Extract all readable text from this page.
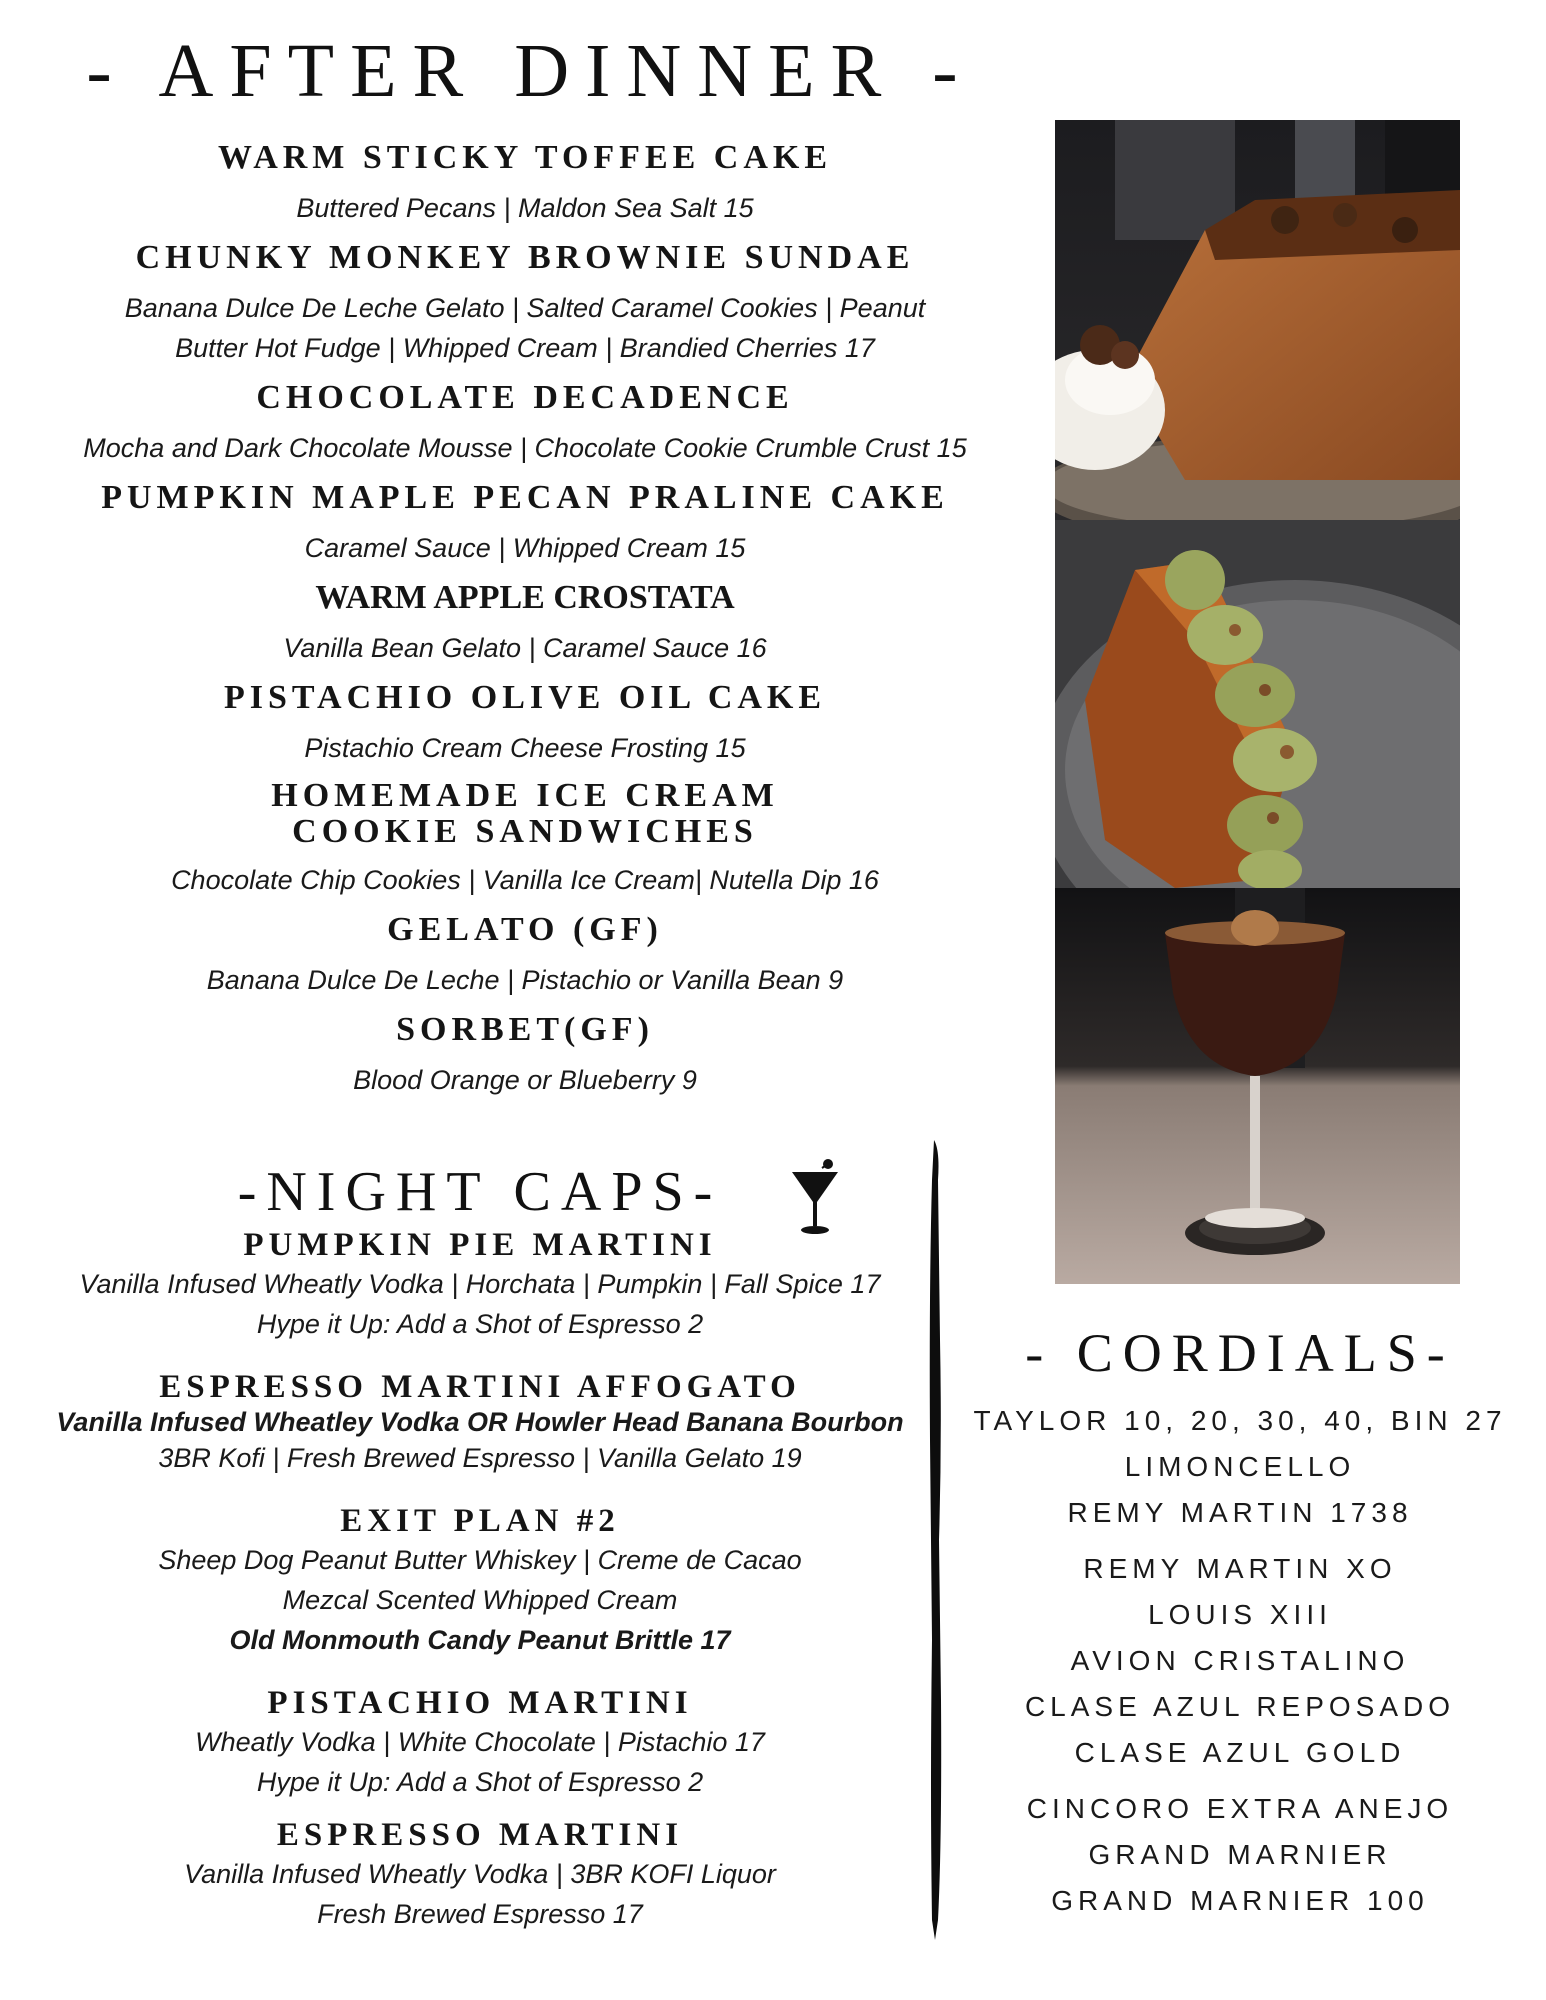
- AFTER DINNER -
WARM STICKY TOFFEE CAKE
Buttered Pecans | Maldon Sea Salt 15
CHUNKY MONKEY BROWNIE SUNDAE
Banana Dulce De Leche Gelato | Salted Caramel Cookies | Peanut
Butter Hot Fudge | Whipped Cream | Brandied Cherries 17
CHOCOLATE DECADENCE
Mocha and Dark Chocolate Mousse | Chocolate Cookie Crumble Crust 15
PUMPKIN MAPLE PECAN PRALINE CAKE
Caramel Sauce | Whipped Cream 15
WARM APPLE CROSTATA
Vanilla Bean Gelato | Caramel Sauce 16
PISTACHIO OLIVE OIL CAKE
Pistachio Cream Cheese Frosting 15
HOMEMADE ICE CREAM
COOKIE SANDWICHES
Chocolate Chip Cookies | Vanilla Ice Cream| Nutella Dip 16
GELATO (GF)
Banana Dulce De Leche | Pistachio or Vanilla Bean 9
SORBET(GF)
Blood Orange or Blueberry 9
-NIGHT CAPS-
PUMPKIN PIE MARTINI
Vanilla Infused Wheatly Vodka | Horchata | Pumpkin | Fall Spice 17
Hype it Up: Add a Shot of Espresso 2
ESPRESSO MARTINI AFFOGATO
Vanilla Infused Wheatley Vodka OR Howler Head Banana Bourbon
3BR Kofi | Fresh Brewed Espresso | Vanilla Gelato 19
EXIT PLAN #2
Sheep Dog Peanut Butter Whiskey | Creme de Cacao
Mezcal Scented Whipped Cream
Old Monmouth Candy Peanut Brittle 17
PISTACHIO MARTINI
Wheatly Vodka | White Chocolate | Pistachio 17
Hype it Up: Add a Shot of Espresso 2
ESPRESSO MARTINI
Vanilla Infused Wheatly Vodka | 3BR KOFI Liquor
Fresh Brewed Espresso 17
- CORDIALS-
TAYLOR 10, 20, 30, 40, BIN 27
LIMONCELLO
REMY MARTIN 1738
REMY MARTIN XO
LOUIS XIII
AVION CRISTALINO
CLASE AZUL REPOSADO
CLASE AZUL GOLD
CINCORO EXTRA ANEJO
GRAND MARNIER
GRAND MARNIER 100
